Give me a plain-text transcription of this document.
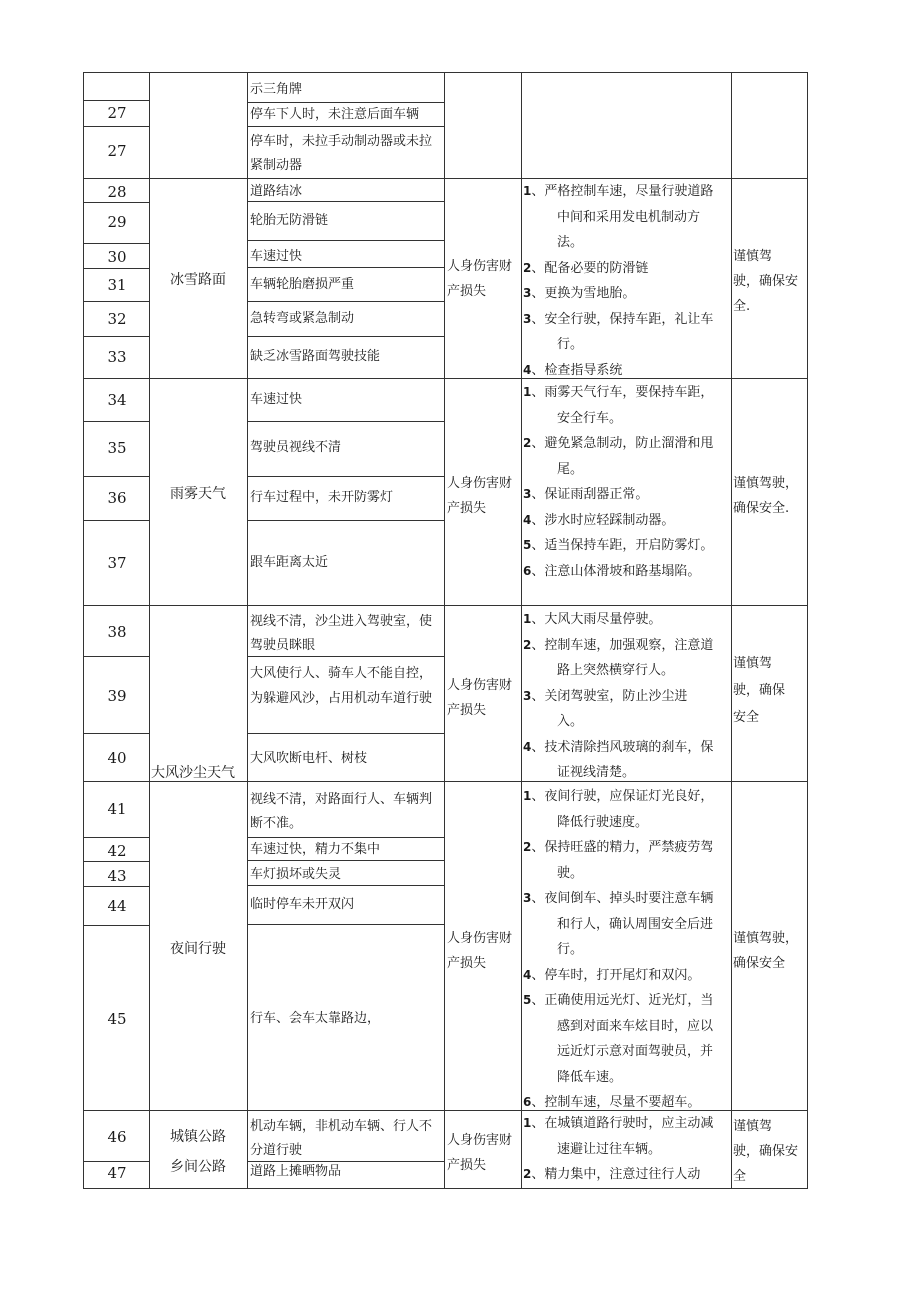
27
27
28
29
30
31
32
33
34
35
36
37
38
39
40
41
42
43
44
45
46
47
示三角牌
停车下人时，未注意后面车辆
停车时，未拉手动制动器或未拉
紧制动器
道路结冰
轮胎无防滑链
车速过快
车辆轮胎磨损严重
急转弯或紧急制动
缺乏冰雪路面驾驶技能
车速过快
驾驶员视线不清
行车过程中，未开防雾灯
跟车距离太近
视线不清，沙尘进入驾驶室，使
驾驶员眯眼
大风使行人、骑车人不能自控，
为躲避风沙，占用机动车道行驶
大风吹断电杆、树枝
视线不清，对路面行人、车辆判
断不准。
车速过快，精力不集中
车灯损坏或失灵
临时停车未开双闪
行车、会车太靠路边，
机动车辆，非机动车辆、行人不
分道行驶
道路上摊晒物品
冰雪路面
雨雾天气
大风沙尘天气
夜间行驶
城镇公路
乡间公路
人身伤害财
产损失
人身伤害财
产损失
人身伤害财
产损失
人身伤害财
产损失
人身伤害财
产损失
谨慎驾
驶，确保安
全.
谨慎驾驶，
确保安全.
谨慎驾
驶，确保
安全
谨慎驾驶，
确保安全
谨慎驾
驶，确保安
全
1、严格控制车速，尽量行驶道路
中间和采用发电机制动方
法。
2、配备必要的防滑链
3、更换为雪地胎。
3、安全行驶，保持车距，礼让车
行。
4、检查指导系统
1、雨雾天气行车，要保持车距，
安全行车。
2、避免紧急制动，防止溜滑和甩
尾。
3、保证雨刮器正常。
4、涉水时应轻踩制动器。
5、适当保持车距，开启防雾灯。
6、注意山体滑坡和路基塌陷。
1、大风大雨尽量停驶。
2、控制车速，加强观察，注意道
路上突然横穿行人。
3、关闭驾驶室，防止沙尘进
入。
4、技术清除挡风玻璃的刹车，保
证视线清楚。
1、夜间行驶，应保证灯光良好，
降低行驶速度。
2、保持旺盛的精力，严禁疲劳驾
驶。
3、夜间倒车、掉头时要注意车辆
和行人，确认周围安全后进
行。
4、停车时，打开尾灯和双闪。
5、正确使用远光灯、近光灯，当
感到对面来车炫目时，应以
远近灯示意对面驾驶员，并
降低车速。
6、控制车速，尽量不要超车。
1、在城镇道路行驶时，应主动减
速避让过往车辆。
2、精力集中，注意过往行人动
